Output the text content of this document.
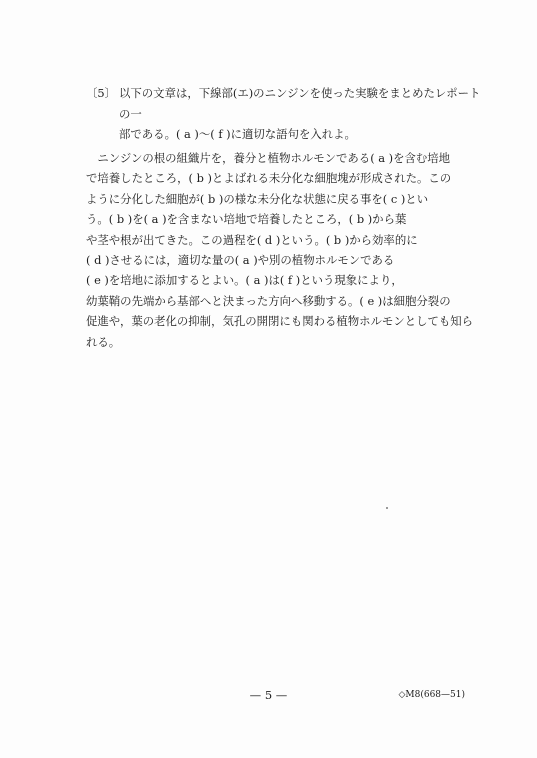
〔5〕 以下の文章は，下線部(エ)のニンジンを使った実験をまとめたレポートの一
部である。( a )〜( f )に適切な語句を入れよ。
　ニンジンの根の組織片を，養分と植物ホルモンである( a )を含む培地
で培養したところ，( b )とよばれる未分化な細胞塊が形成された。この
ように分化した細胞が( b )の様な未分化な状態に戻る事を( c )とい
う。( b )を( a )を含まない培地で培養したところ，( b )から葉
や茎や根が出てきた。この過程を( d )という。( b )から効率的に
( d )させるには，適切な量の( a )や別の植物ホルモンである
( e )を培地に添加するとよい。( a )は( f )という現象により，
幼葉鞘の先端から基部へと決まった方向へ移動する。( e )は細胞分裂の
促進や，葉の老化の抑制，気孔の開閉にも関わる植物ホルモンとしても知ら
れる。
— 5 —	◇M8(668—51)
